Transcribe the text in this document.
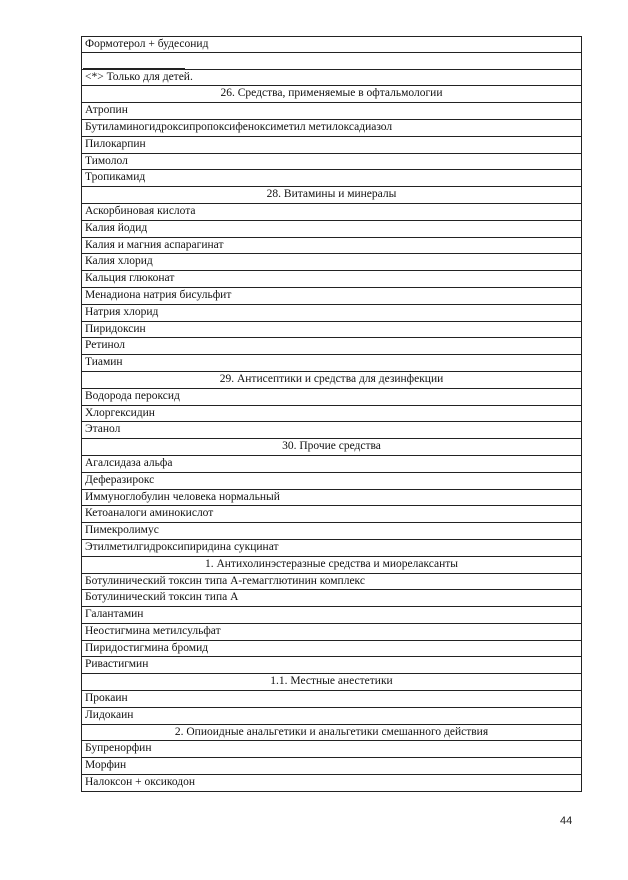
Формотерол + будесонид
<*> Только для детей.
26. Средства, применяемые в офтальмологии
Атропин
Бутиламиногидроксипропоксифеноксиметил метилоксадиазол
Пилокарпин
Тимолол
Тропикамид
28. Витамины и минералы
Аскорбиновая кислота
Калия йодид
Калия и магния аспарагинат
Калия хлорид
Кальция глюконат
Менадиона натрия бисульфит
Натрия хлорид
Пиридоксин
Ретинол
Тиамин
29. Антисептики и средства для дезинфекции
Водорода пероксид
Хлоргексидин
Этанол
30. Прочие средства
Агалсидаза альфа
Деферазирокс
Иммуноглобулин человека нормальный
Кетоаналоги аминокислот
Пимекролимус
Этилметилгидроксипиридина сукцинат
1. Антихолинэстеразные средства и миорелаксанты
Ботулинический токсин типа А-гемагглютинин комплекс
Ботулинический токсин типа А
Галантамин
Неостигмина метилсульфат
Пиридостигмина бромид
Ривастигмин
1.1. Местные анестетики
Прокаин
Лидокаин
2. Опиоидные анальгетики и анальгетики смешанного действия
Бупренорфин
Морфин
Налоксон + оксикодон
44
